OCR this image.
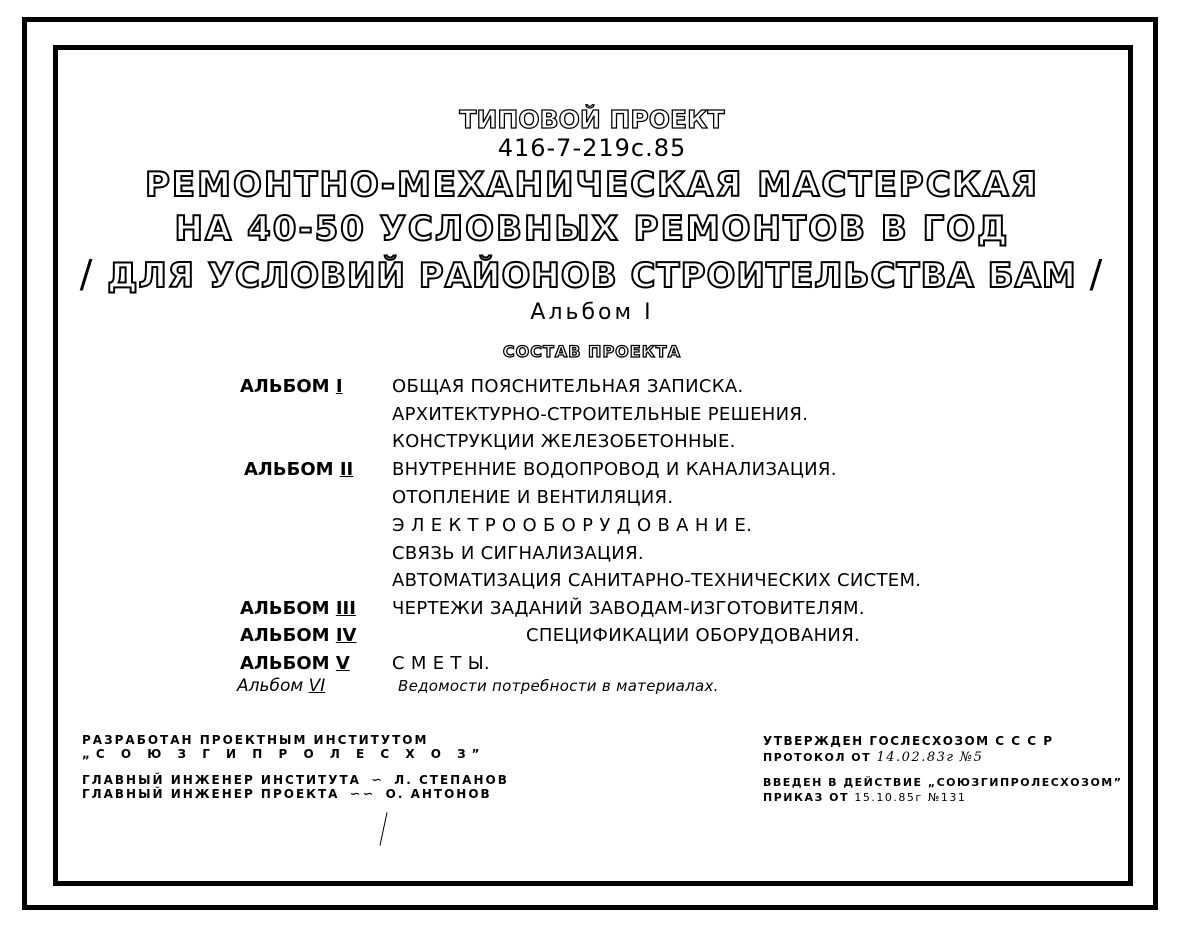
ТИПОВОЙ ПРОЕКТ
416-7-219с.85
РЕМОНТНО-МЕХАНИЧЕСКАЯ МАСТЕРСКАЯ
НА 40-50 УСЛОВНЫХ РЕМОНТОВ В ГОД
/ ДЛЯ УСЛОВИЙ РАЙОНОВ СТРОИТЕЛЬСТВА БАМ /
Альбом I
СОСТАВ ПРОЕКТА
АЛЬБОМ I	ОБЩАЯ ПОЯСНИТЕЛЬНАЯ ЗАПИСКА.
АРХИТЕКТУРНО-СТРОИТЕЛЬНЫЕ РЕШЕНИЯ.
КОНСТРУКЦИИ ЖЕЛЕЗОБЕТОННЫЕ.
АЛЬБОМ II ВНУТРЕННИЕ ВОДОПРОВОД И КАНАЛИЗАЦИЯ.
ОТОПЛЕНИЕ И ВЕНТИЛЯЦИЯ.
Э Л Е К Т Р О О Б О Р У Д О В А Н И Е.
СВЯЗЬ И СИГНАЛИЗАЦИЯ.
АВТОМАТИЗАЦИЯ САНИТАРНО-ТЕХНИЧЕСКИХ СИСТЕМ.
АЛЬБОМ III ЧЕРТЕЖИ ЗАДАНИЙ ЗАВОДАМ-ИЗГОТОВИТЕЛЯМ.
АЛЬБОМ IV	СПЕЦИФИКАЦИИ ОБОРУДОВАНИЯ.
АЛЬБОМ V С М Е Т Ы.
Альбом VI	Ведомости потребности в материалах.
РАЗРАБОТАН ПРОЕКТНЫМ ИНСТИТУТОМ
„С О Ю З Г И П Р О Л Е С Х О З”
ГЛАВНЫЙ ИНЖЕНЕР ИНСТИТУТА ∽ Л. СТЕПАНОВ
ГЛАВНЫЙ ИНЖЕНЕР ПРОЕКТА ∽∽ О. АНТОНОВ
УТВЕРЖДЕН ГОСЛЕСХОЗОМ С С С Р
ПРОТОКОЛ ОТ 14.02.83г №5
ВВЕДЕН В ДЕЙСТВИЕ „СОЮЗГИПРОЛЕСХОЗОМ”
ПРИКАЗ ОТ 15.10.85г №131
